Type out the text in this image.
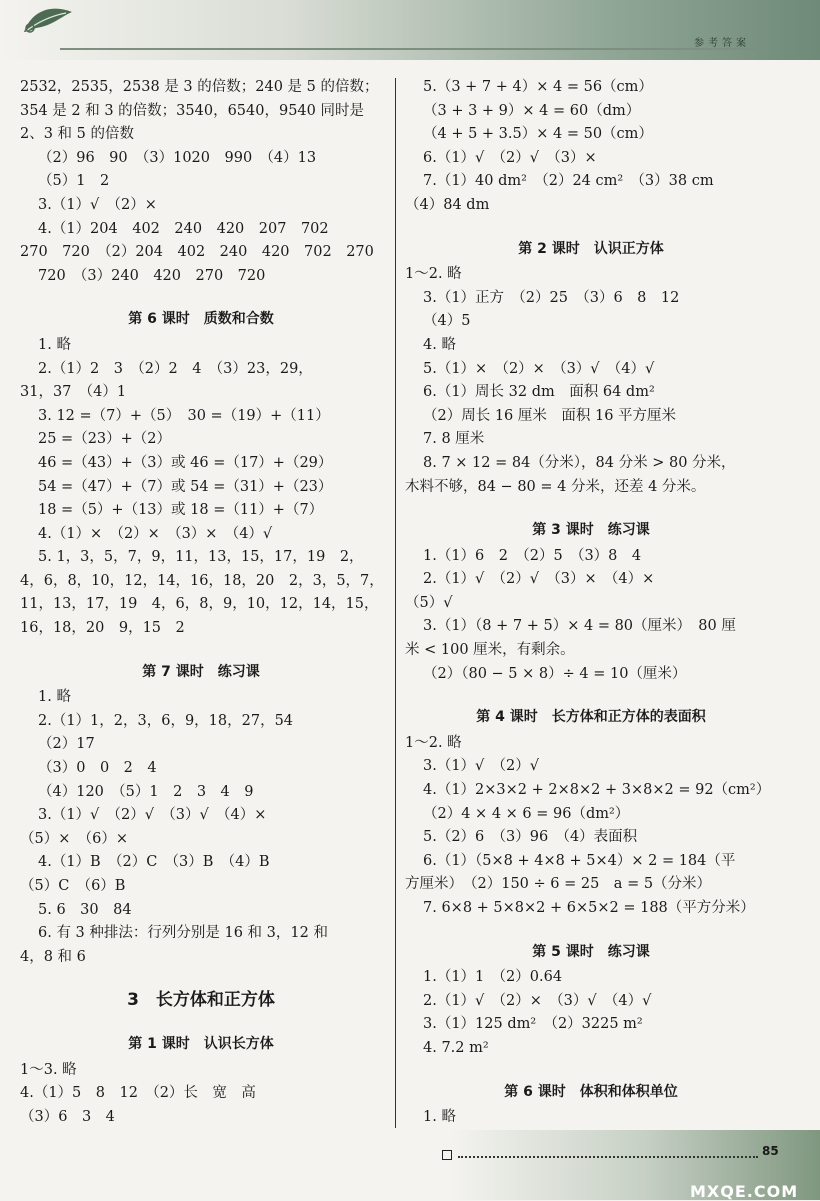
参考答案
2532，2535，2538 是 3 的倍数；240 是 5 的倍数；
354 是 2 和 3 的倍数；3540，6540，9540 同时是
2、3 和 5 的倍数
（2）96　90　（3）1020　990　（4）13
（5）1　2
3.（1）√　（2）×
4.（1）204　402　240　420　207　702
270　720　（2）204　402　240　420　702　270
720　（3）240　420　270　720
第 6 课时　质数和合数
1. 略
2.（1）2　3　（2）2　4　（3）23，29，
31，37　（4）1
3. 12 =（7）+（5）　30 =（19）+（11）
25 =（23）+（2）
46 =（43）+（3）或 46 =（17）+（29）
54 =（47）+（7）或 54 =（31）+（23）
18 =（5）+（13）或 18 =（11）+（7）
4.（1）×　（2）×　（3）×　（4）√
5. 1，3，5，7，9，11，13，15，17，19　2，
4，6，8，10，12，14，16，18，20　2，3，5，7，
11，13，17，19　4，6，8，9，10，12，14，15，
16，18，20　9，15　2
第 7 课时　练习课
1. 略
2.（1）1，2，3，6，9，18，27，54
（2）17
（3）0　0　2　4
（4）120　（5）1　2　3　4　9
3.（1）√　（2）√　（3）√　（4）×
（5）×　（6）×
4.（1）B　（2）C　（3）B　（4）B
（5）C　（6）B
5. 6　30　84
6. 有 3 种排法：行列分别是 16 和 3，12 和
4，8 和 6
3　长方体和正方体
第 1 课时　认识长方体
1～3. 略
4.（1）5　8　12　（2）长　宽　高
（3）6　3　4
5.（3 + 7 + 4）× 4 = 56（cm）
（3 + 3 + 9）× 4 = 60（dm）
（4 + 5 + 3.5）× 4 = 50（cm）
6.（1）√　（2）√　（3）×
7.（1）40 dm²　（2）24 cm²　（3）38 cm
（4）84 dm
第 2 课时　认识正方体
1～2. 略
3.（1）正方　（2）25　（3）6　8　12
（4）5
4. 略
5.（1）×　（2）×　（3）√　（4）√
6.（1）周长 32 dm　面积 64 dm²
（2）周长 16 厘米　面积 16 平方厘米
7. 8 厘米
8. 7 × 12 = 84（分米），84 分米 > 80 分米，
木料不够，84 − 80 = 4 分米，还差 4 分米。
第 3 课时　练习课
1.（1）6　2　（2）5　（3）8　4
2.（1）√　（2）√　（3）×　（4）×
（5）√
3.（1）（8 + 7 + 5）× 4 = 80（厘米）　80 厘
米 < 100 厘米，有剩余。
（2）（80 − 5 × 8）÷ 4 = 10（厘米）
第 4 课时　长方体和正方体的表面积
1～2. 略
3.（1）√　（2）√
4.（1）2×3×2 + 2×8×2 + 3×8×2 = 92（cm²）
（2）4 × 4 × 6 = 96（dm²）
5.（2）6　（3）96　（4）表面积
6.（1）（5×8 + 4×8 + 5×4）× 2 = 184（平
方厘米）　（2）150 ÷ 6 = 25　a = 5（分米）
7. 6×8 + 5×8×2 + 6×5×2 = 188（平方分米）
第 5 课时　练习课
1.（1）1　（2）0.64
2.（1）√　（2）×　（3）√　（4）√
3.（1）125 dm²　（2）3225 m²
4. 7.2 m²
第 6 课时　体积和体积单位
1. 略
85
MXQE.COM
